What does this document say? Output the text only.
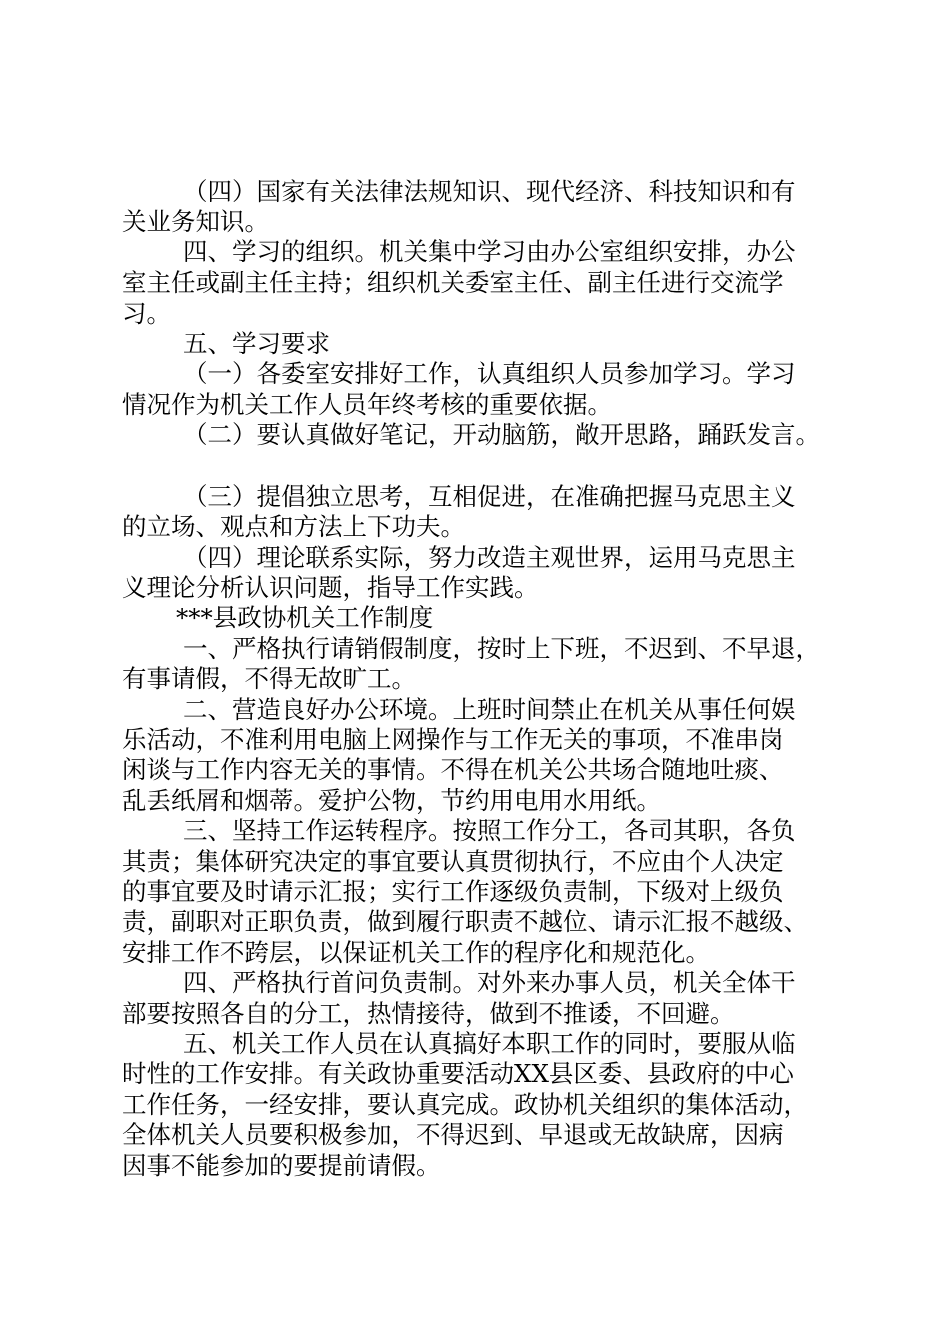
（四）国家有关法律法规知识、现代经济、科技知识和有
关业务知识。
四、学习的组织。机关集中学习由办公室组织安排，办公
室主任或副主任主持；组织机关委室主任、副主任进行交流学
习。
五、学习要求
（一）各委室安排好工作，认真组织人员参加学习。学习
情况作为机关工作人员年终考核的重要依据。
（二）要认真做好笔记，开动脑筋，敞开思路，踊跃发言。
（三）提倡独立思考，互相促进，在准确把握马克思主义
的立场、观点和方法上下功夫。
（四）理论联系实际，努力改造主观世界，运用马克思主
义理论分析认识问题，指导工作实践。
***县政协机关工作制度
一、严格执行请销假制度，按时上下班，不迟到、不早退，
有事请假，不得无故旷工。
二、营造良好办公环境。上班时间禁止在机关从事任何娱
乐活动，不准利用电脑上网操作与工作无关的事项，不准串岗
闲谈与工作内容无关的事情。不得在机关公共场合随地吐痰、
乱丢纸屑和烟蒂。爱护公物，节约用电用水用纸。
三、坚持工作运转程序。按照工作分工，各司其职，各负
其责；集体研究决定的事宜要认真贯彻执行，不应由个人决定
的事宜要及时请示汇报；实行工作逐级负责制，下级对上级负
责，副职对正职负责，做到履行职责不越位、请示汇报不越级、
安排工作不跨层，以保证机关工作的程序化和规范化。
四、严格执行首问负责制。对外来办事人员，机关全体干
部要按照各自的分工，热情接待，做到不推诿，不回避。
五、机关工作人员在认真搞好本职工作的同时，要服从临
时性的工作安排。有关政协重要活动XX县区委、县政府的中心
工作任务，一经安排，要认真完成。政协机关组织的集体活动，
全体机关人员要积极参加，不得迟到、早退或无故缺席，因病
因事不能参加的要提前请假。
